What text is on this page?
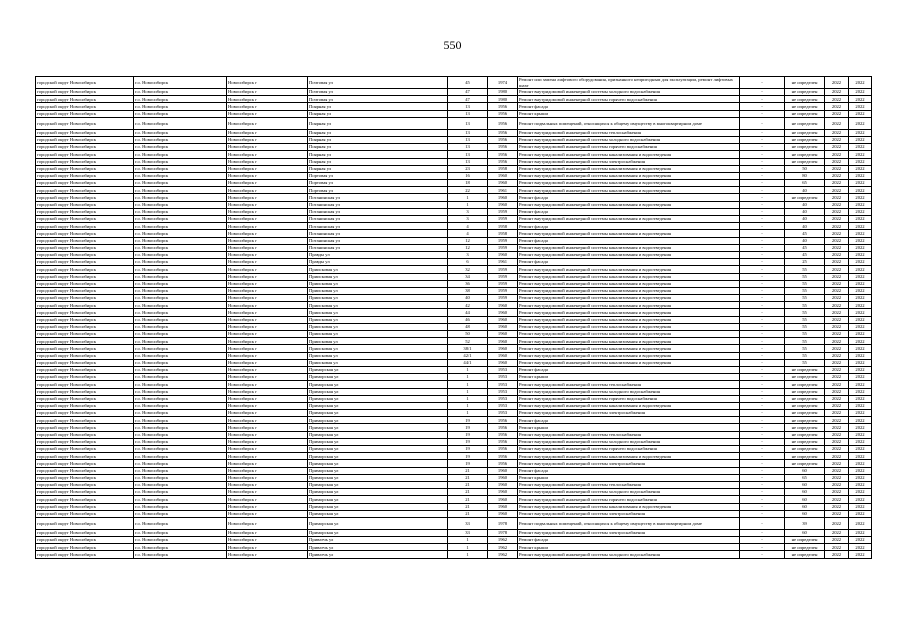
550
городской округ Новосибирск	г.о. Новосибирск	Новосибирск г	Почтовая ул	45	1974	Ремонт или замена лифтового оборудования, признанного непригодным для эксплуатации, ремонт лифтовых шахт	-	не определен	2022	2022
городской округ Новосибирск	г.о. Новосибирск	Новосибирск г	Почтовая ул	47	1980	Ремонт внутридомовой инженерной системы холодного водоснабжения	-	не определен	2022	2022
городской округ Новосибирск	г.о. Новосибирск	Новосибирск г	Почтовая ул	47	1980	Ремонт внутридомовой инженерной системы горячего водоснабжения	-	не определен	2022	2022
городской округ Новосибирск	г.о. Новосибирск	Новосибирск г	Поярная ул	13	1956	Ремонт фасада	-	не определен	2022	2022
городской округ Новосибирск	г.о. Новосибирск	Новосибирск г	Поярная ул	13	1956	Ремонт крыши	-	не определен	2022	2022
городской округ Новосибирск	г.о. Новосибирск	Новосибирск г	Поярная ул	13	1956	Ремонт подвальных помещений, относящихся к общему имуществу в многоквартирном доме	-	не определен	2022	2022
городской округ Новосибирск	г.о. Новосибирск	Новосибирск г	Поярная ул	13	1956	Ремонт внутридомовой инженерной системы теплоснабжения	-	не определен	2022	2022
городской округ Новосибирск	г.о. Новосибирск	Новосибирск г	Поярная ул	13	1956	Ремонт внутридомовой инженерной системы холодного водоснабжения	-	не определен	2022	2022
городской округ Новосибирск	г.о. Новосибирск	Новосибирск г	Поярная ул	13	1956	Ремонт внутридомовой инженерной системы горячего водоснабжения	-	не определен	2022	2022
городской округ Новосибирск	г.о. Новосибирск	Новосибирск г	Поярная ул	13	1956	Ремонт внутридомовой инженерной системы канализования и водоотведения	-	не определен	2022	2022
городской округ Новосибирск	г.о. Новосибирск	Новосибирск г	Поярная ул	13	1956	Ремонт внутридомовой инженерной системы электроснабжения	-	не определен	2022	2022
городской округ Новосибирск	г.о. Новосибирск	Новосибирск г	Поярная ул	23	1958	Ремонт внутридомовой инженерной системы канализования и водоотведения	-	50	2022	2022
городской округ Новосибирск	г.о. Новосибирск	Новосибирск г	Портовая ул	16	1960	Ремонт внутридомовой инженерной системы канализования и водоотведения	-	80	2022	2022
городской округ Новосибирск	г.о. Новосибирск	Новосибирск г	Портовая ул	18	1960	Ремонт внутридомовой инженерной системы канализования и водоотведения	-	65	2022	2022
городской округ Новосибирск	г.о. Новосибирск	Новосибирск г	Портовая ул	22	1961	Ремонт внутридомовой инженерной системы канализования и водоотведения	-	40	2022	2022
городской округ Новосибирск	г.о. Новосибирск	Новосибирск г	Потанинская ул	1	1960	Ремонт фасада	-	не определен	2022	2022
городской округ Новосибирск	г.о. Новосибирск	Новосибирск г	Потанинская ул	1	1960	Ремонт внутридомовой инженерной системы канализования и водоотведения	-	40	2022	2022
городской округ Новосибирск	г.о. Новосибирск	Новосибирск г	Потанинская ул	3	1959	Ремонт фасада	-	40	2022	2022
городской округ Новосибирск	г.о. Новосибирск	Новосибирск г	Потанинская ул	3	1959	Ремонт внутридомовой инженерной системы канализования и водоотведения	-	40	2022	2022
городской округ Новосибирск	г.о. Новосибирск	Новосибирск г	Потанинская ул	4	1958	Ремонт фасада	-	40	2022	2022
городской округ Новосибирск	г.о. Новосибирск	Новосибирск г	Потанинская ул	4	1958	Ремонт внутридомовой инженерной системы канализования и водоотведения	-	45	2022	2022
городской округ Новосибирск	г.о. Новосибирск	Новосибирск г	Потанинская ул	12	1959	Ремонт фасада	-	40	2022	2022
городской округ Новосибирск	г.о. Новосибирск	Новосибирск г	Потанинская ул	12	1959	Ремонт внутридомовой инженерной системы канализования и водоотведения	-	45	2022	2022
городской округ Новосибирск	г.о. Новосибирск	Новосибирск г	Правды ул	3	1960	Ремонт внутридомовой инженерной системы канализования и водоотведения	-	45	2022	2022
городской округ Новосибирск	г.о. Новосибирск	Новосибирск г	Правды ул	6	1961	Ремонт фасада	-	25	2022	2022
городской округ Новосибирск	г.о. Новосибирск	Новосибирск г	Приисковая ул	32	1959	Ремонт внутридомовой инженерной системы канализования и водоотведения	-	55	2022	2022
городской округ Новосибирск	г.о. Новосибирск	Новосибирск г	Приисковая ул	34	1959	Ремонт внутридомовой инженерной системы канализования и водоотведения	-	55	2022	2022
городской округ Новосибирск	г.о. Новосибирск	Новосибирск г	Приисковая ул	36	1959	Ремонт внутридомовой инженерной системы канализования и водоотведения	-	55	2022	2022
городской округ Новосибирск	г.о. Новосибирск	Новосибирск г	Приисковая ул	38	1959	Ремонт внутридомовой инженерной системы канализования и водоотведения	-	55	2022	2022
городской округ Новосибирск	г.о. Новосибирск	Новосибирск г	Приисковая ул	40	1959	Ремонт внутридомовой инженерной системы канализования и водоотведения	-	55	2022	2022
городской округ Новосибирск	г.о. Новосибирск	Новосибирск г	Приисковая ул	42	1960	Ремонт внутридомовой инженерной системы канализования и водоотведения	-	55	2022	2022
городской округ Новосибирск	г.о. Новосибирск	Новосибирск г	Приисковая ул	44	1960	Ремонт внутридомовой инженерной системы канализования и водоотведения	-	55	2022	2022
городской округ Новосибирск	г.о. Новосибирск	Новосибирск г	Приисковая ул	46	1960	Ремонт внутридомовой инженерной системы канализования и водоотведения	-	55	2022	2022
городской округ Новосибирск	г.о. Новосибирск	Новосибирск г	Приисковая ул	48	1960	Ремонт внутридомовой инженерной системы канализования и водоотведения	-	55	2022	2022
городской округ Новосибирск	г.о. Новосибирск	Новосибирск г	Приисковая ул	50	1960	Ремонт внутридомовой инженерной системы канализования и водоотведения	-	55	2022	2022
городской округ Новосибирск	г.о. Новосибирск	Новосибирск г	Приисковая ул	52	1960	Ремонт внутридомовой инженерной системы канализования и водоотведения	-	55	2022	2022
городской округ Новосибирск	г.о. Новосибирск	Новосибирск г	Приисковая ул	38/1	1960	Ремонт внутридомовой инженерной системы канализования и водоотведения	-	55	2022	2022
городской округ Новосибирск	г.о. Новосибирск	Новосибирск г	Приисковая ул	42/1	1960	Ремонт внутридомовой инженерной системы канализования и водоотведения	-	55	2022	2022
городской округ Новосибирск	г.о. Новосибирск	Новосибирск г	Приисковая ул	44/1	1960	Ремонт внутридомовой инженерной системы канализования и водоотведения	-	55	2022	2022
городской округ Новосибирск	г.о. Новосибирск	Новосибирск г	Приморская ул	1	1953	Ремонт фасада	-	не определен	2022	2022
городской округ Новосибирск	г.о. Новосибирск	Новосибирск г	Приморская ул	1	1953	Ремонт крыши	-	не определен	2022	2022
городской округ Новосибирск	г.о. Новосибирск	Новосибирск г	Приморская ул	1	1953	Ремонт внутридомовой инженерной системы теплоснабжения	-	не определен	2022	2022
городской округ Новосибирск	г.о. Новосибирск	Новосибирск г	Приморская ул	1	1953	Ремонт внутридомовой инженерной системы холодного водоснабжения	-	не определен	2022	2022
городской округ Новосибирск	г.о. Новосибирск	Новосибирск г	Приморская ул	1	1953	Ремонт внутридомовой инженерной системы горячего водоснабжения	-	не определен	2022	2022
городской округ Новосибирск	г.о. Новосибирск	Новосибирск г	Приморская ул	1	1953	Ремонт внутридомовой инженерной системы канализования и водоотведения	-	не определен	2022	2022
городской округ Новосибирск	г.о. Новосибирск	Новосибирск г	Приморская ул	1	1953	Ремонт внутридомовой инженерной системы электроснабжения	-	не определен	2022	2022
городской округ Новосибирск	г.о. Новосибирск	Новосибирск г	Приморская ул	19	1956	Ремонт фасада	-	не определен	2022	2022
городской округ Новосибирск	г.о. Новосибирск	Новосибирск г	Приморская ул	19	1956	Ремонт крыши	-	не определен	2022	2022
городской округ Новосибирск	г.о. Новосибирск	Новосибирск г	Приморская ул	19	1956	Ремонт внутридомовой инженерной системы теплоснабжения	-	не определен	2022	2022
городской округ Новосибирск	г.о. Новосибирск	Новосибирск г	Приморская ул	19	1956	Ремонт внутридомовой инженерной системы холодного водоснабжения	-	не определен	2022	2022
городской округ Новосибирск	г.о. Новосибирск	Новосибирск г	Приморская ул	19	1956	Ремонт внутридомовой инженерной системы горячего водоснабжения	-	не определен	2022	2022
городской округ Новосибирск	г.о. Новосибирск	Новосибирск г	Приморская ул	19	1956	Ремонт внутридомовой инженерной системы канализования и водоотведения	-	не определен	2022	2022
городской округ Новосибирск	г.о. Новосибирск	Новосибирск г	Приморская ул	19	1956	Ремонт внутридомовой инженерной системы электроснабжения	-	не определен	2022	2022
городской округ Новосибирск	г.о. Новосибирск	Новосибирск г	Приморская ул	21	1960	Ремонт фасада	-	60	2022	2022
городской округ Новосибирск	г.о. Новосибирск	Новосибирск г	Приморская ул	21	1960	Ремонт крыши	-	65	2022	2022
городской округ Новосибирск	г.о. Новосибирск	Новосибирск г	Приморская ул	21	1960	Ремонт внутридомовой инженерной системы теплоснабжения	-	60	2022	2022
городской округ Новосибирск	г.о. Новосибирск	Новосибирск г	Приморская ул	21	1960	Ремонт внутридомовой инженерной системы холодного водоснабжения	-	60	2022	2022
городской округ Новосибирск	г.о. Новосибирск	Новосибирск г	Приморская ул	21	1960	Ремонт внутридомовой инженерной системы горячего водоснабжения	-	60	2022	2022
городской округ Новосибирск	г.о. Новосибирск	Новосибирск г	Приморская ул	21	1960	Ремонт внутридомовой инженерной системы канализования и водоотведения	-	60	2022	2022
городской округ Новосибирск	г.о. Новосибирск	Новосибирск г	Приморская ул	21	1960	Ремонт внутридомовой инженерной системы электроснабжения	-	60	2022	2022
городской округ Новосибирск	г.о. Новосибирск	Новосибирск г	Приморская ул	33	1978	Ремонт подвальных помещений, относящихся к общему имуществу в многоквартирном доме	-	39	2022	2022
городской округ Новосибирск	г.о. Новосибирск	Новосибирск г	Приморская ул	33	1978	Ремонт внутридомовой инженерной системы электроснабжения	-	60	2022	2022
городской округ Новосибирск	г.о. Новосибирск	Новосибирск г	Привлечь ул	1	1962	Ремонт фасада	-	не определен	2022	2022
городской округ Новосибирск	г.о. Новосибирск	Новосибирск г	Привлечь ул	1	1962	Ремонт крыши	-	не определен	2022	2022
городской округ Новосибирск	г.о. Новосибирск	Новосибирск г	Привлечь ул	1	1962	Ремонт внутридомовой инженерной системы холодного водоснабжения	-	не определен	2022	2022
